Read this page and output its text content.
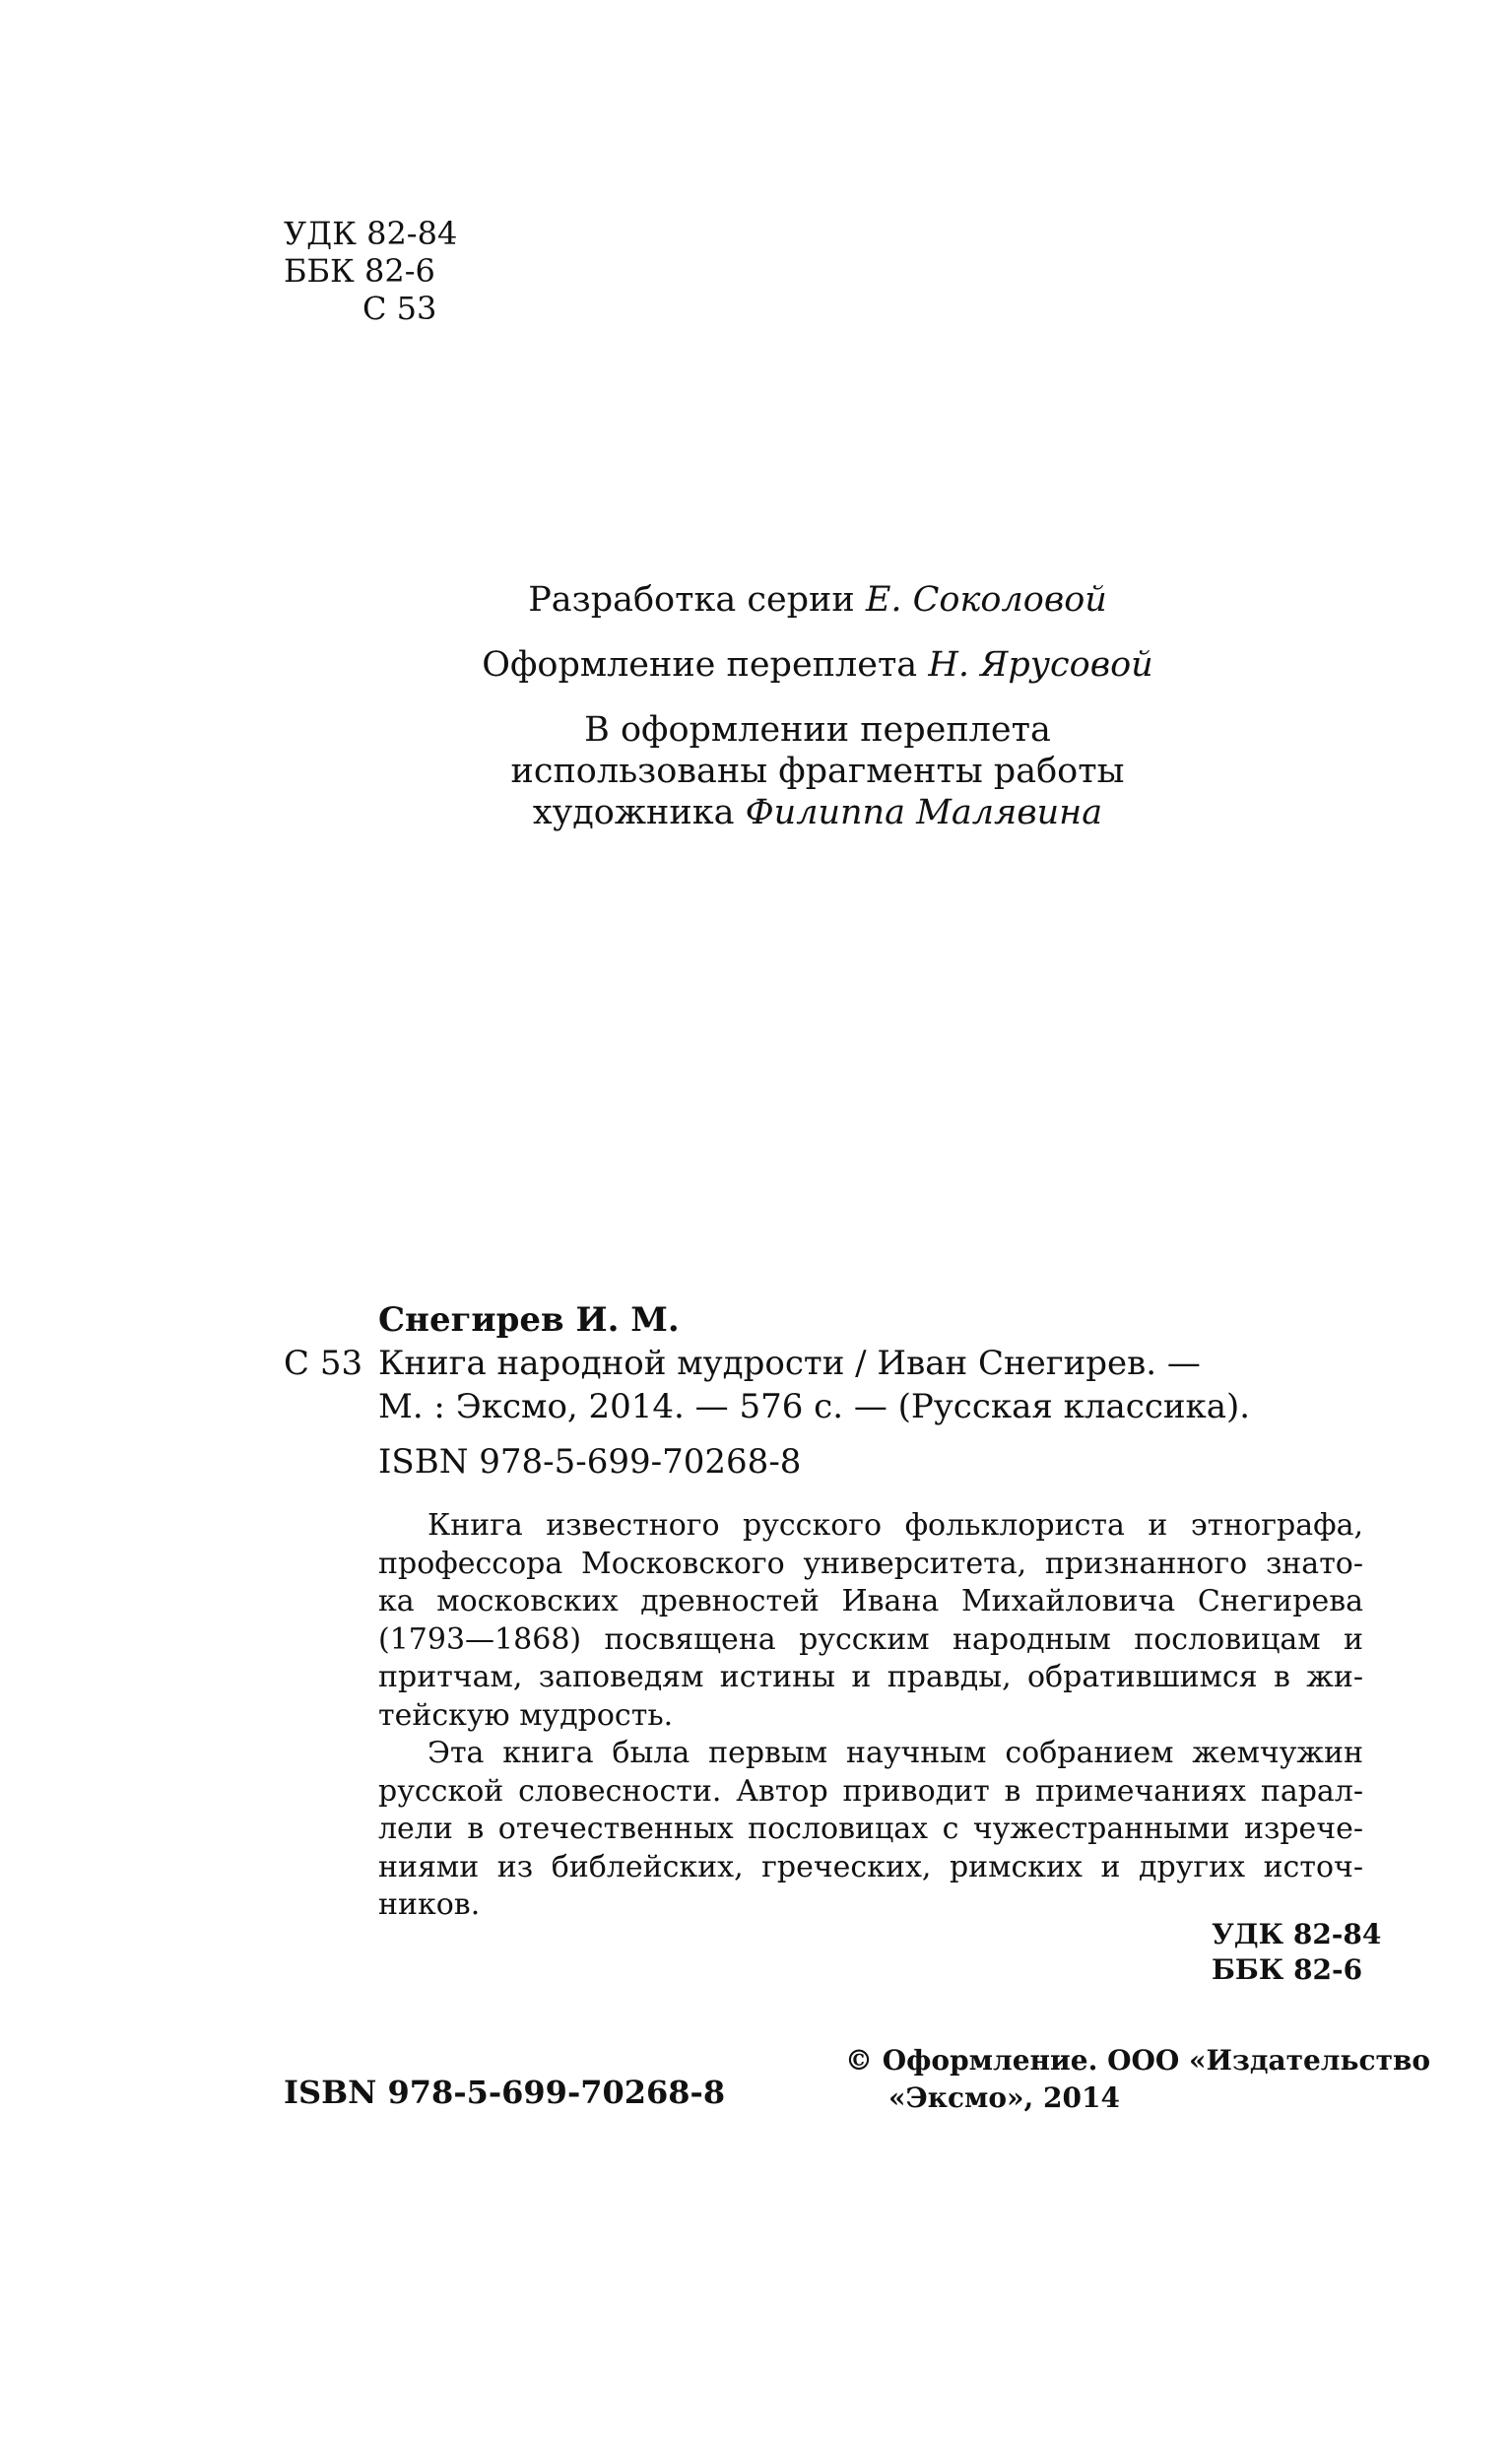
УДК 82-84
ББК 82-6
С 53
Разработка серии Е. Соколовой
Оформление переплета Н. Ярусовой
В оформлении переплета
использованы фрагменты работы
художника Филиппа Малявина
Снегирев И. М.
С 53 Книга народной мудрости / Иван Снегирев. —
М. : Эксмо, 2014. — 576 с. — (Русская классика).
ISBN 978-5-699-70268-8
Книга известного русского фольклориста и этнографа,
профессора Московского университета, признанного знато-
ка московских древностей Ивана Михайловича Снегирева
(1793—1868) посвящена русским народным пословицам и
притчам, заповедям истины и правды, обратившимся в жи-
тейскую мудрость.
Эта книга была первым научным собранием жемчужин
русской словесности. Автор приводит в примечаниях парал-
лели в отечественных пословицах с чужестранными изрече-
ниями из библейских, греческих, римских и других источ-
ников.
УДК 82-84
ББК 82-6
ISBN 978-5-699-70268-8
© Оформление. ООО «Издательство
«Эксмо», 2014
